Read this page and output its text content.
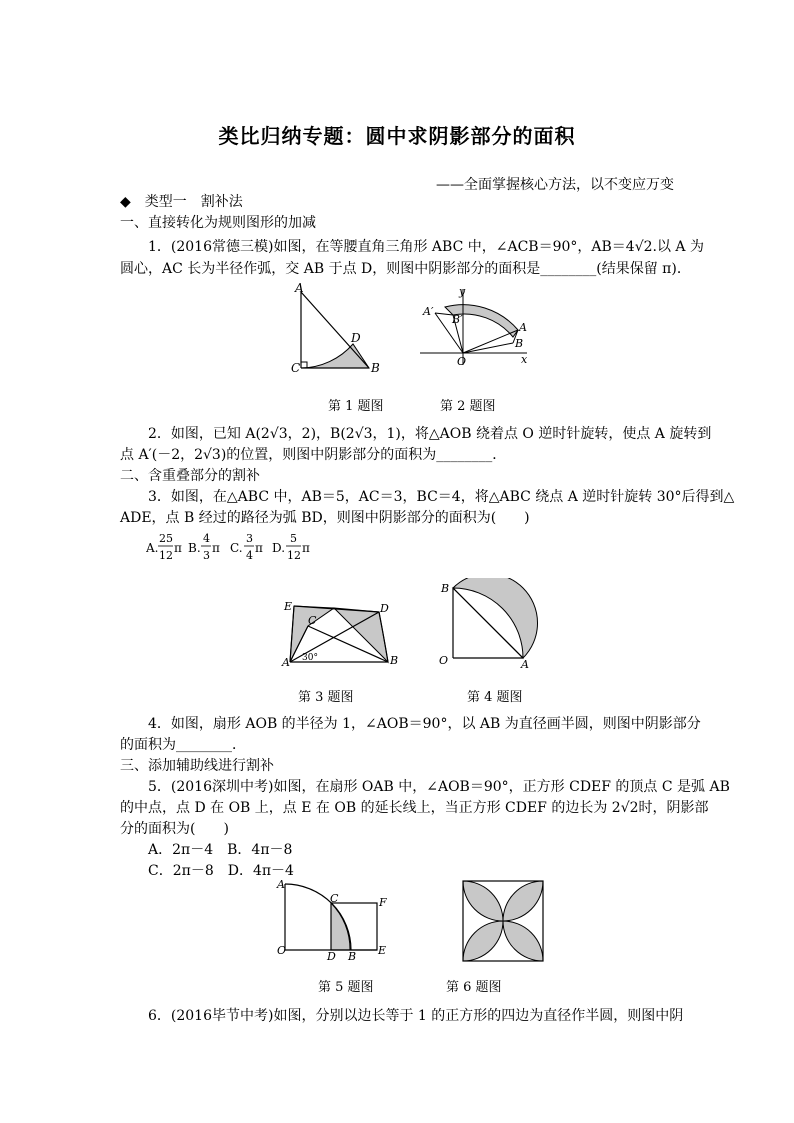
类比归纳专题：圆中求阴影部分的面积
——全面掌握核心方法，以不变应万变
◆　类型一　割补法
一、直接转化为规则图形的加减
1．(2016常德三模)如图，在等腰直角三角形 ABC 中，∠ACB＝90°，AB＝4√2.以 A 为
圆心，AC 长为半径作弧，交 AB 于点 D，则图中阴影部分的面积是________(结果保留 π)．
A
C	B
D
A′
B′
A
B
O	x
y
第 1 题图	第 2 题图
2．如图，已知 A(2√3，2)，B(2√3，1)，将△AOB 绕着点 O 逆时针旋转，使点 A 旋转到
点 A′(－2，2√3)的位置，则图中阴影部分的面积为________．
二、含重叠部分的割补
3．如图，在△ABC 中，AB＝5，AC＝3，BC＝4，将△ABC 绕点 A 逆时针旋转 30°后得到△
ADE，点 B 经过的路径为弧 BD，则图中阴影部分的面积为(　　)
A.
25
12
π B.
4
3
π C.
3
4
π D.
5
12
π
E	D
C
A	B
30°
B
O	A
第 3 题图	第 4 题图
4．如图，扇形 AOB 的半径为 1，∠AOB＝90°，以 AB 为直径画半圆，则图中阴影部分
的面积为________．
三、添加辅助线进行割补
5．(2016深圳中考)如图，在扇形 OAB 中，∠AOB＝90°，正方形 CDEF 的顶点 C 是弧 AB
的中点，点 D 在 OB 上，点 E 在 OB 的延长线上，当正方形 CDEF 的边长为 2√2时，阴影部
分的面积为(　　)
A．2π－4　B．4π－8
C．2π－8　D．4π－4
A
C	F
O	D B E
第 5 题图	第 6 题图
6．(2016毕节中考)如图，分别以边长等于 1 的正方形的四边为直径作半圆，则图中阴
